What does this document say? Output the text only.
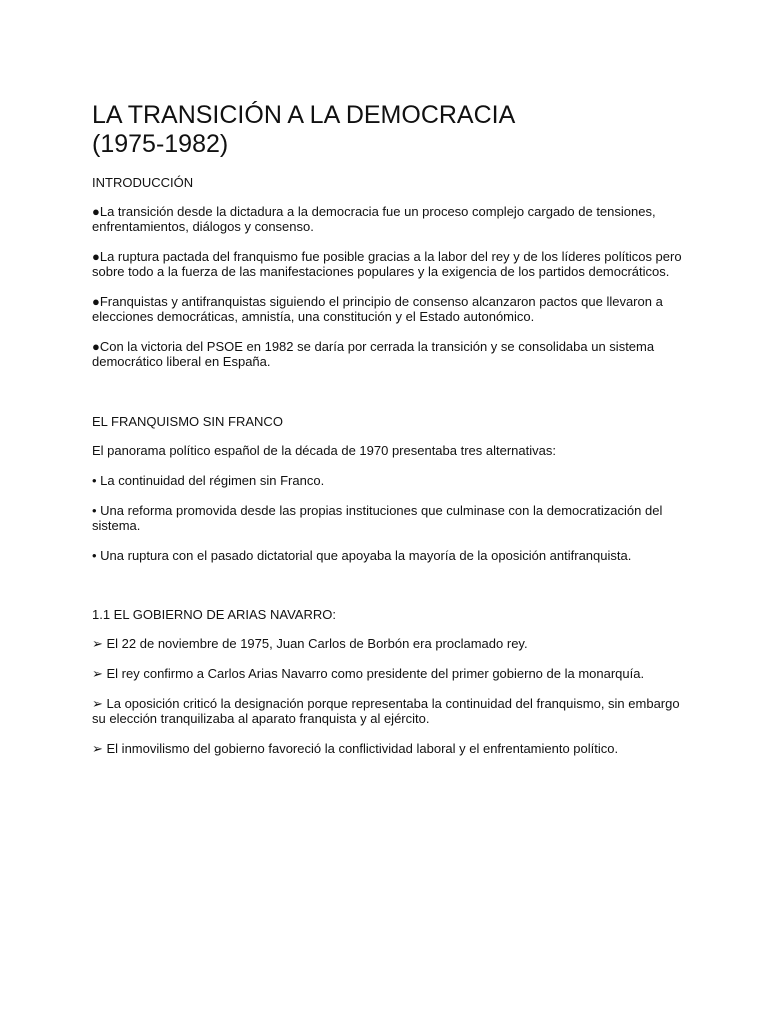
LA TRANSICIÓN A LA DEMOCRACIA
(1975-1982)
INTRODUCCIÓN

●La transición desde la dictadura a la democracia fue un proceso complejo cargado de tensiones, enfrentamientos, diálogos y consenso.

●La ruptura pactada del franquismo fue posible gracias a la labor del rey y de los líderes políticos pero sobre todo a la fuerza de las manifestaciones populares y la exigencia de los partidos democráticos.

●Franquistas y antifranquistas siguiendo el principio de consenso alcanzaron pactos que llevaron a elecciones democráticas, amnistía, una constitución y el Estado autonómico.

●Con la victoria del PSOE en 1982 se daría por cerrada la transición y se consolidaba un sistema democrático liberal en España.

EL FRANQUISMO SIN FRANCO

El panorama político español de la década de 1970 presentaba tres alternativas:

• La continuidad del régimen sin Franco.

• Una reforma promovida desde las propias instituciones que culminase con la democratización del sistema.

• Una ruptura con el pasado dictatorial que apoyaba la mayoría de la oposición antifranquista.

1.1 EL GOBIERNO DE ARIAS NAVARRO:

➢ El 22 de noviembre de 1975, Juan Carlos de Borbón era proclamado rey.

➢ El rey confirmo a Carlos Arias Navarro como presidente del primer gobierno de la monarquía.

➢ La oposición criticó la designación porque representaba la continuidad del franquismo, sin embargo su elección tranquilizaba al aparato franquista y al ejército.

➢ El inmovilismo del gobierno favoreció la conflictividad laboral y el enfrentamiento político.
